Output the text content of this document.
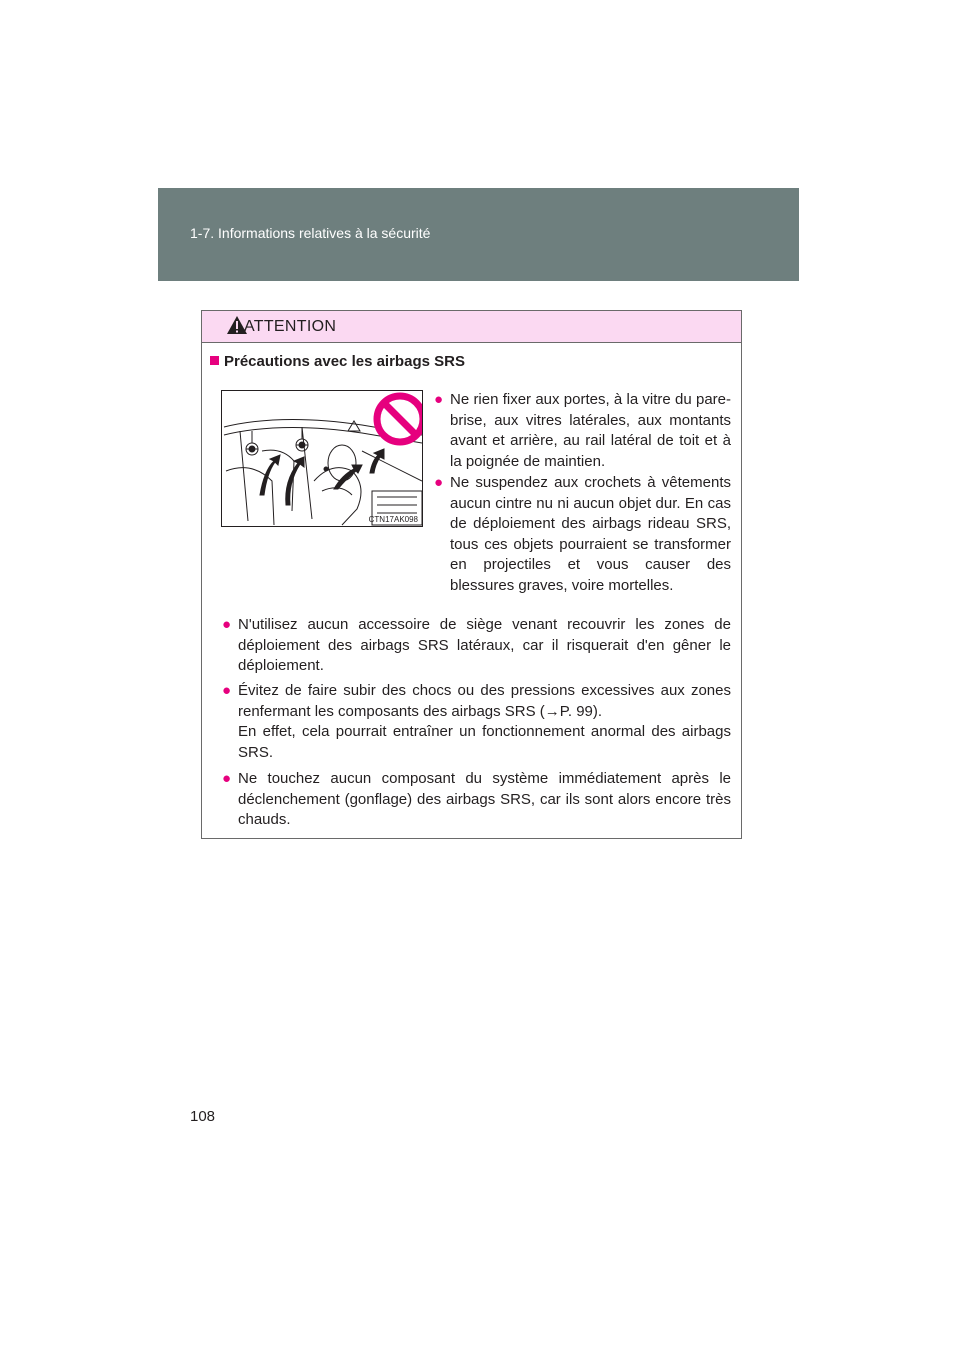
1-7. Informations relatives à la sécurité
ATTENTION
Précautions avec les airbags SRS
CTN17AK098
● Ne rien fixer aux portes, à la vitre du pare-brise, aux vitres latérales, aux montants avant et arrière, au rail latéral de toit et à la poignée de maintien.
● Ne suspendez aux crochets à vêtements aucun cintre nu ni aucun objet dur. En cas de déploiement des airbags rideau SRS, tous ces objets pourraient se transformer en projectiles et vous causer des blessures graves, voire mortelles.
● N'utilisez aucun accessoire de siège venant recouvrir les zones de déploiement des airbags SRS latéraux, car il risquerait d'en gêner le déploiement.
● Évitez de faire subir des chocs ou des pressions excessives aux zones renfermant les composants des airbags SRS (→P. 99).
En effet, cela pourrait entraîner un fonctionnement anormal des airbags SRS.
● Ne touchez aucun composant du système immédiatement après le déclenchement (gonflage) des airbags SRS, car ils sont alors encore très chauds.
108
